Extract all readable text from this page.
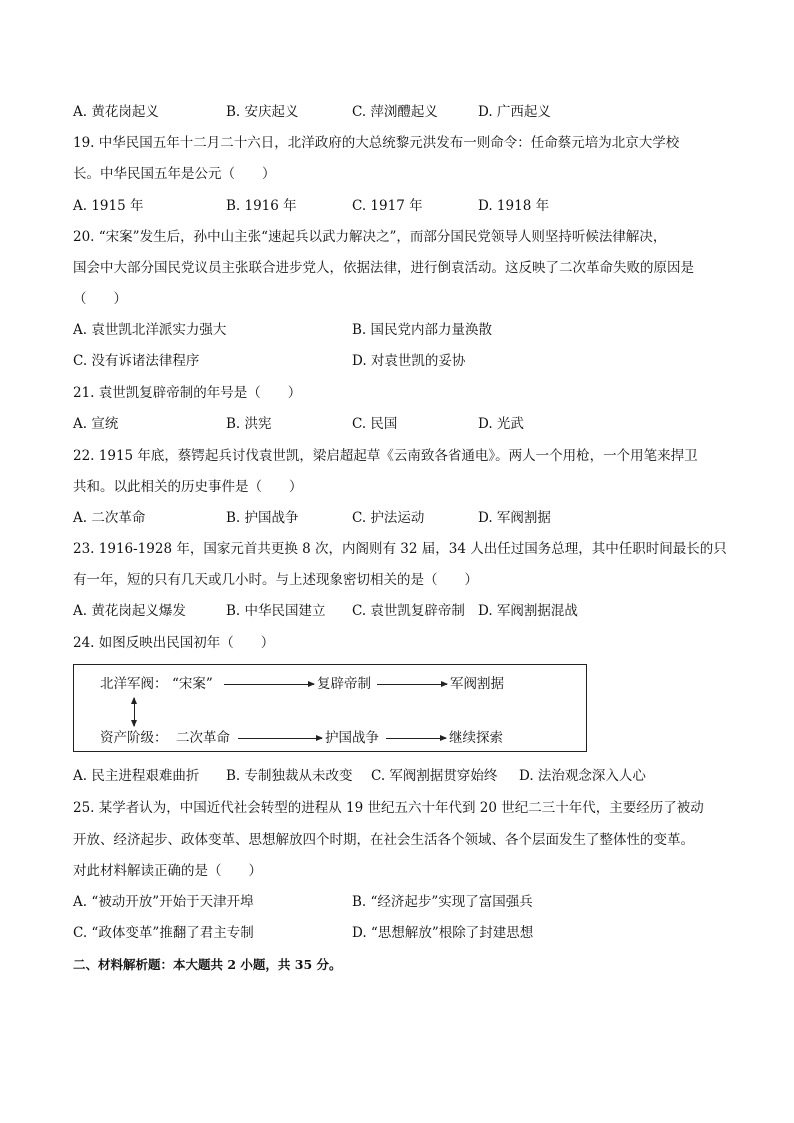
A. 黄花岗起义	B. 安庆起义	C. 萍浏醴起义	D. 广西起义
19. 中华民国五年十二月二十六日，北洋政府的大总统黎元洪发布一则命令：任命蔡元培为北京大学校
长。中华民国五年是公元（　　）
A. 1915 年	B. 1916 年	C. 1917 年	D. 1918 年
20. “宋案”发生后，孙中山主张“速起兵以武力解决之”，而部分国民党领导人则坚持听候法律解决，
国会中大部分国民党议员主张联合进步党人，依据法律，进行倒袁活动。这反映了二次革命失败的原因是
（　　）
A. 袁世凯北洋派实力强大	B. 国民党内部力量涣散
C. 没有诉诸法律程序	D. 对袁世凯的妥协
21. 袁世凯复辟帝制的年号是（　　）
A. 宣统	B. 洪宪	C. 民国	D. 光武
22. 1915 年底，蔡锷起兵讨伐袁世凯，梁启超起草《云南致各省通电》。两人一个用枪，一个用笔来捍卫
共和。以此相关的历史事件是（　　）
A. 二次革命	B. 护国战争	C. 护法运动	D. 军阀割据
23. 1916-1928 年，国家元首共更换 8 次，内阁则有 32 届，34 人出任过国务总理，其中任职时间最长的只
有一年，短的只有几天或几小时。与上述现象密切相关的是（　　）
A. 黄花岗起义爆发	B. 中华民国建立 C. 袁世凯复辟帝制 D. 军阀割据混战
24. 如图反映出民国初年（　　）
北洋军阀： “宋案”	复辟帝制	军阀割据
资产阶级： 二次革命	护国战争	继续探索
A. 民主进程艰难曲折 B. 专制独裁从未改变 C. 军阀割据贯穿始终 D. 法治观念深入人心
25. 某学者认为，中国近代社会转型的进程从 19 世纪五六十年代到 20 世纪二三十年代，主要经历了被动
开放、经济起步、政体变革、思想解放四个时期，在社会生活各个领域、各个层面发生了整体性的变革。
对此材料解读正确的是（　　）
A. “被动开放”开始于天津开埠	B. “经济起步”实现了富国强兵
C. “政体变革”推翻了君主专制	D. “思想解放”根除了封建思想
二、材料解析题：本大题共 2 小题，共 35 分。
